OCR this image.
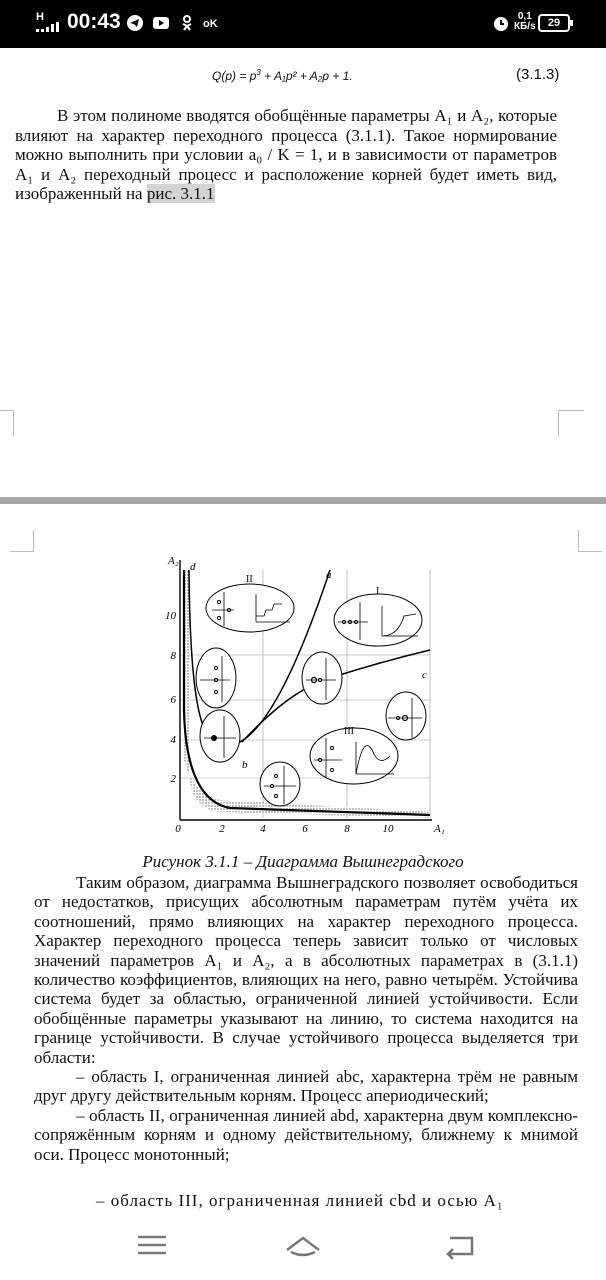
H 00:43	oK
0,1
КБ/s	29
$Q(p) = p^3 + A_1p^2 + A_2p + 1$.	(3.1.3)

В этом полиноме вводятся обобщённые параметры A₁ и A₂, которые влияют на характер переходного процесса (3.1.1). Такое нормирование можно выполнить при условии a₀ / K = 1, и в зависимости от параметров A₁ и A₂ переходный процесс и расположение корней будет иметь вид, изображенный на рис. 3.1.1

A₂
A₁
a
b
c
d
I
II
III
2
4
6
8
10
0	2	4	6	8	10
Рисунок 3.1.1 – Диаграмма Вышнеградского
Таким образом, диаграмма Вышнеградского позволяет освободиться от недостатков, присущих абсолютным параметрам путём учёта их соотношений, прямо влияющих на характер переходного процесса. Характер переходного процесса теперь зависит только от числовых значений параметров A₁ и A₂, а в абсолютных параметрах в (3.1.1) количество коэффициентов, влияющих на него, равно четырём. Устойчива система будет за областью, ограниченной линией устойчивости. Если обобщённые параметры указывают на линию, то система находится на границе устойчивости. В случае устойчивого процесса выделяется три области:
– область I, ограниченная линией abc, характерна трём не равным друг другу действительным корням. Процесс апериодический;
– область II, ограниченная линией abd, характерна двум комплексно-сопряжённым корням и одному действительному, ближнему к мнимой оси. Процесс монотонный;
– область III, ограниченная линией cbd и осью A₁
